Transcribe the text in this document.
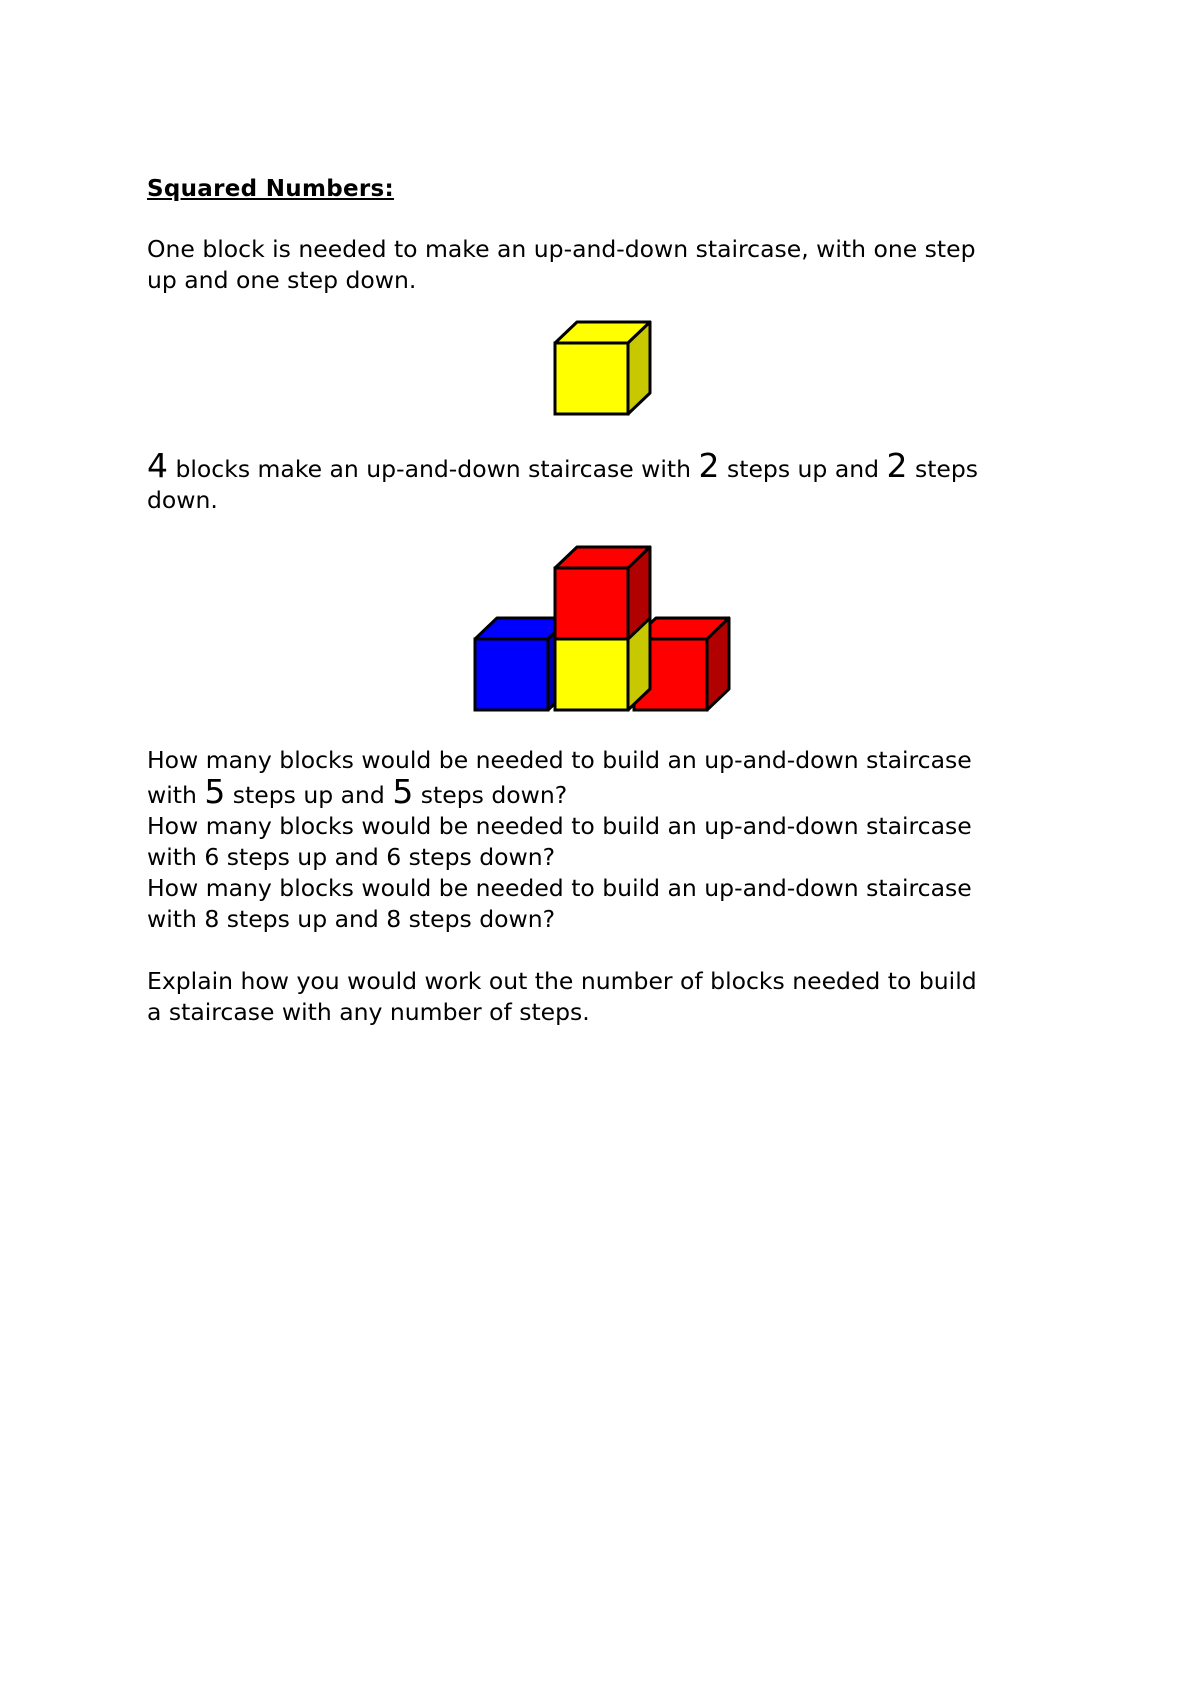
Squared Numbers:

One block is needed to make an up-and-down staircase, with one step
up and one step down.

4 blocks make an up-and-down staircase with 2 steps up and 2 steps
down.

How many blocks would be needed to build an up-and-down staircase
with 5 steps up and 5 steps down?
How many blocks would be needed to build an up-and-down staircase
with 6 steps up and 6 steps down?
How many blocks would be needed to build an up-and-down staircase
with 8 steps up and 8 steps down?

Explain how you would work out the number of blocks needed to build
a staircase with any number of steps.
